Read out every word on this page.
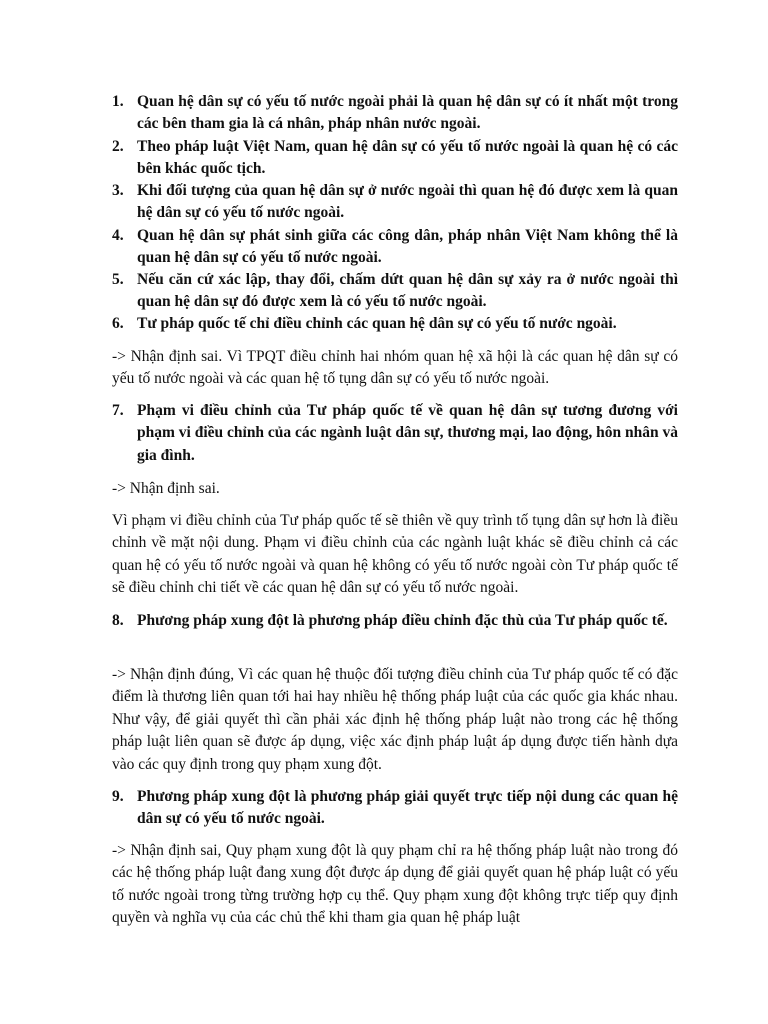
1. Quan hệ dân sự có yếu tố nước ngoài phải là quan hệ dân sự có ít nhất một trong các bên tham gia là cá nhân, pháp nhân nước ngoài.
2. Theo pháp luật Việt Nam, quan hệ dân sự có yếu tố nước ngoài là quan hệ có các bên khác quốc tịch.
3. Khi đối tượng của quan hệ dân sự ở nước ngoài thì quan hệ đó được xem là quan hệ dân sự có yếu tố nước ngoài.
4. Quan hệ dân sự phát sinh giữa các công dân, pháp nhân Việt Nam không thể là quan hệ dân sự có yếu tố nước ngoài.
5. Nếu căn cứ xác lập, thay đổi, chấm dứt quan hệ dân sự xảy ra ở nước ngoài thì quan hệ dân sự đó được xem là có yếu tố nước ngoài.
6. Tư pháp quốc tế chỉ điều chỉnh các quan hệ dân sự có yếu tố nước ngoài.

-> Nhận định sai. Vì TPQT điều chỉnh hai nhóm quan hệ xã hội là các quan hệ dân sự có yếu tố nước ngoài và các quan hệ tố tụng dân sự có yếu tố nước ngoài.

7. Phạm vi điều chỉnh của Tư pháp quốc tế về quan hệ dân sự tương đương với phạm vi điều chỉnh của các ngành luật dân sự, thương mại, lao động, hôn nhân và gia đình.

-> Nhận định sai.

Vì phạm vi điều chỉnh của Tư pháp quốc tế sẽ thiên về quy trình tố tụng dân sự hơn là điều chỉnh về mặt nội dung. Phạm vi điều chỉnh của các ngành luật khác sẽ điều chỉnh cả các quan hệ có yếu tố nước ngoài và quan hệ không có yếu tố nước ngoài còn Tư pháp quốc tế sẽ điều chỉnh chi tiết về các quan hệ dân sự có yếu tố nước ngoài.

8. Phương pháp xung đột là phương pháp điều chỉnh đặc thù của Tư pháp quốc tế.

-> Nhận định đúng, Vì các quan hệ thuộc đối tượng điều chỉnh của Tư pháp quốc tế có đặc điểm là thương liên quan tới hai hay nhiều hệ thống pháp luật của các quốc gia khác nhau. Như vậy, để giải quyết thì cần phải xác định hệ thống pháp luật nào trong các hệ thống pháp luật liên quan sẽ được áp dụng, việc xác định pháp luật áp dụng được tiến hành dựa vào các quy định trong quy phạm xung đột.

9. Phương pháp xung đột là phương pháp giải quyết trực tiếp nội dung các quan hệ dân sự có yếu tố nước ngoài.

-> Nhận định sai, Quy phạm xung đột là quy phạm chỉ ra hệ thống pháp luật nào trong đó các hệ thống pháp luật đang xung đột được áp dụng để giải quyết quan hệ pháp luật có yếu tố nước ngoài trong từng trường hợp cụ thể. Quy phạm xung đột không trực tiếp quy định quyền và nghĩa vụ của các chủ thể khi tham gia quan hệ pháp luật
